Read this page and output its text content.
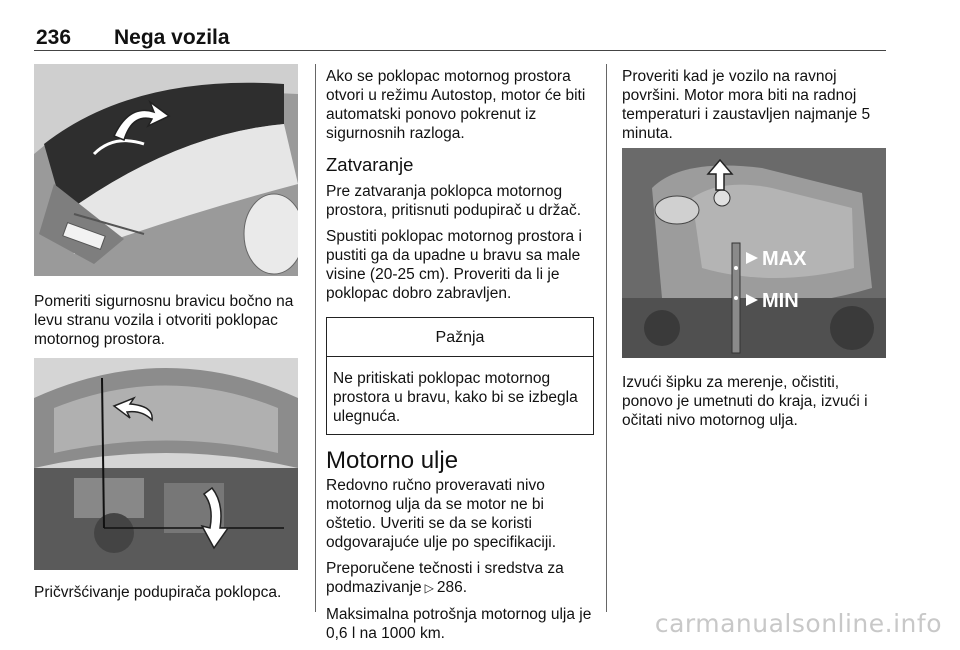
236 Nega vozila
Pomeriti sigurnosnu bravicu bočno na levu stranu vozila i otvoriti poklopac motornog prostora.
Pričvršćivanje podupirača poklopca.

Ako se poklopac motornog prostora otvori u režimu Autostop, motor će biti automatski ponovo pokrenut iz sigurnosnih razloga.

Zatvaranje

Pre zatvaranja poklopca motornog prostora, pritisnuti podupirač u držač.

Spustiti poklopac motornog prostora i pustiti ga da upadne u bravu sa male visine (20-25 cm). Proveriti da li je poklopac dobro zabravljen.

Pažnja
Ne pritiskati poklopac motornog prostora u bravu, kako bi se izbegla ulegnuća.
Motorno ulje

Redovno ručno proveravati nivo motornog ulja da se motor ne bi oštetio. Uveriti se da se koristi odgovarajuće ulje po specifikaciji.

Preporučene tečnosti i sredstva za podmazivanje ▷ 286.

Maksimalna potrošnja motornog ulja je 0,6 l na 1000 km.

Proveriti kad je vozilo na ravnoj površini. Motor mora biti na radnoj temperaturi i zaustavljen najmanje 5 minuta.
MAX
MIN
Izvući šipku za merenje, očistiti, ponovo je umetnuti do kraja, izvući i očitati nivo motornog ulja.
carmanualsonline.info
